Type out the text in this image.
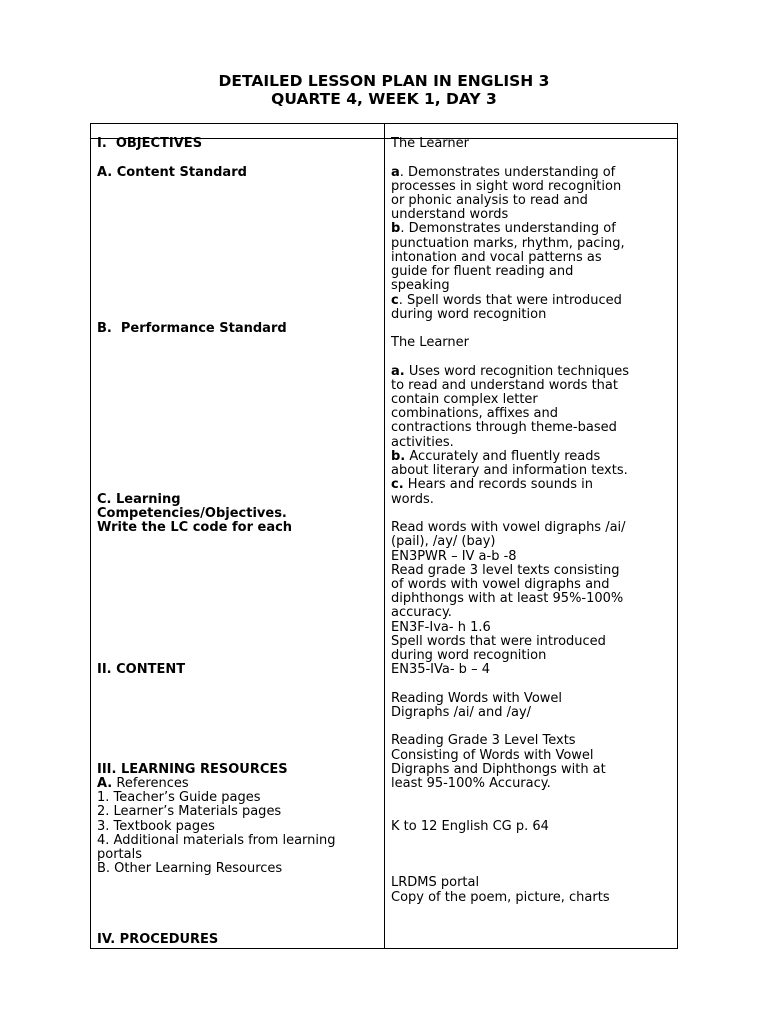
DETAILED LESSON PLAN IN ENGLISH 3
QUARTE 4, WEEK 1, DAY 3
I.  OBJECTIVES
A. Content Standard
B.  Performance Standard
C. Learning
Competencies/Objectives.
Write the LC code for each
II. CONTENT
III. LEARNING RESOURCES
A. References
1. Teacher’s Guide pages
2. Learner’s Materials pages
3. Textbook pages
4. Additional materials from learning
portals
B. Other Learning Resources
IV. PROCEDURES
The Learner
a. Demonstrates understanding of
processes in sight word recognition
or phonic analysis to read and
understand words
b. Demonstrates understanding of
punctuation marks, rhythm, pacing,
intonation and vocal patterns as
guide for fluent reading and
speaking
c. Spell words that were introduced
during word recognition
The Learner
a. Uses word recognition techniques
to read and understand words that
contain complex letter
combinations, affixes and
contractions through theme-based
activities.
b. Accurately and fluently reads
about literary and information texts.
c. Hears and records sounds in
words.
Read words with vowel digraphs /ai/
(pail), /ay/ (bay)
EN3PWR – IV a-b -8
Read grade 3 level texts consisting
of words with vowel digraphs and
diphthongs with at least 95%-100%
accuracy.
EN3F-Iva- h 1.6
Spell words that were introduced
during word recognition
EN35-IVa- b – 4
Reading Words with Vowel
Digraphs /ai/ and /ay/
Reading Grade 3 Level Texts
Consisting of Words with Vowel
Digraphs and Diphthongs with at
least 95-100% Accuracy.
K to 12 English CG p. 64
LRDMS portal
Copy of the poem, picture, charts
